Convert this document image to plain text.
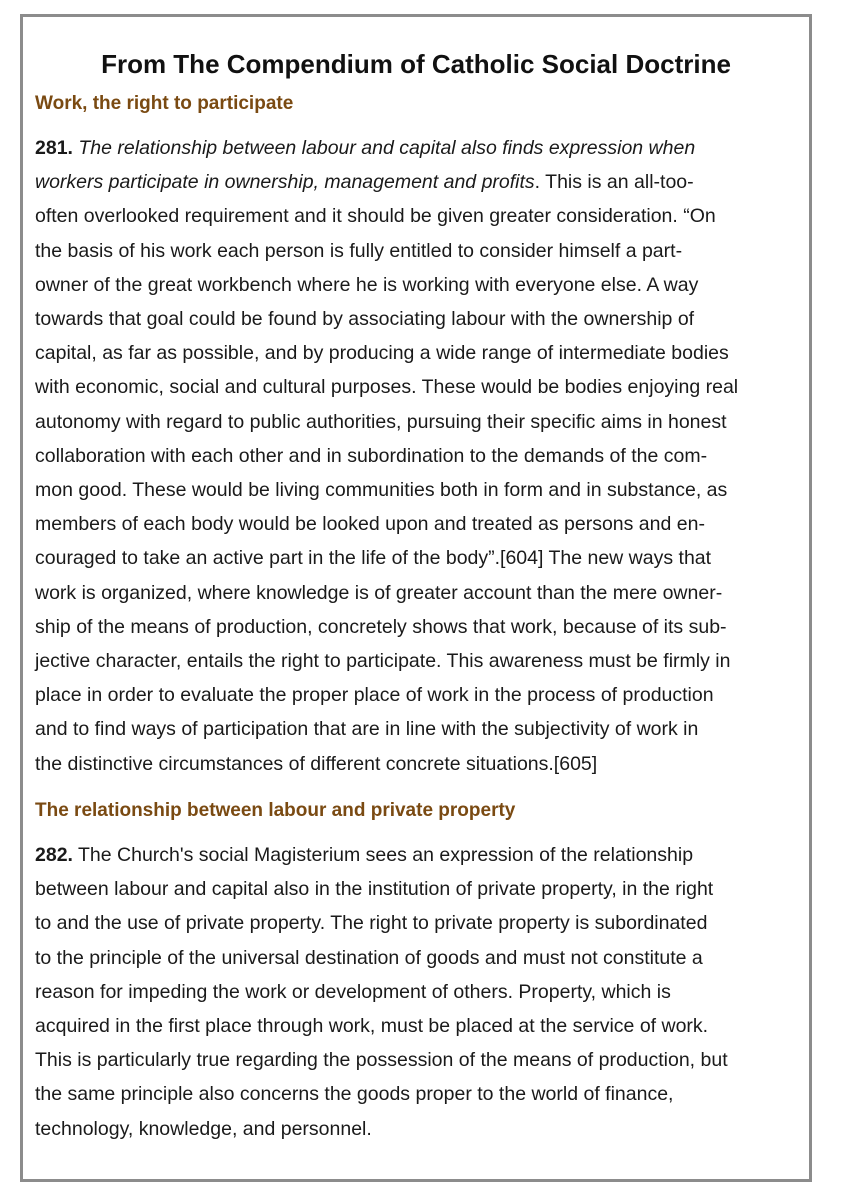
From The Compendium of Catholic Social Doctrine
Work, the right to participate

281. The relationship between labour and capital also finds expression when
workers participate in ownership, management and profits. This is an all-too-
often overlooked requirement and it should be given greater consideration. “On
the basis of his work each person is fully entitled to consider himself a part-
owner of the great workbench where he is working with everyone else. A way
towards that goal could be found by associating labour with the ownership of
capital, as far as possible, and by producing a wide range of intermediate bodies
with economic, social and cultural purposes. These would be bodies enjoying real
autonomy with regard to public authorities, pursuing their specific aims in honest
collaboration with each other and in subordination to the demands of the com-
mon good. These would be living communities both in form and in substance, as
members of each body would be looked upon and treated as persons and en-
couraged to take an active part in the life of the body”.[604] The new ways that
work is organized, where knowledge is of greater account than the mere owner-
ship of the means of production, concretely shows that work, because of its sub-
jective character, entails the right to participate. This awareness must be firmly in
place in order to evaluate the proper place of work in the process of production
and to find ways of participation that are in line with the subjectivity of work in
the distinctive circumstances of different concrete situations.[605]

The relationship between labour and private property

282. The Church's social Magisterium sees an expression of the relationship
between labour and capital also in the institution of private property, in the right
to and the use of private property. The right to private property is subordinated
to the principle of the universal destination of goods and must not constitute a
reason for impeding the work or development of others. Property, which is
acquired in the first place through work, must be placed at the service of work.
This is particularly true regarding the possession of the means of production, but
the same principle also concerns the goods proper to the world of finance,
technology, knowledge, and personnel.
